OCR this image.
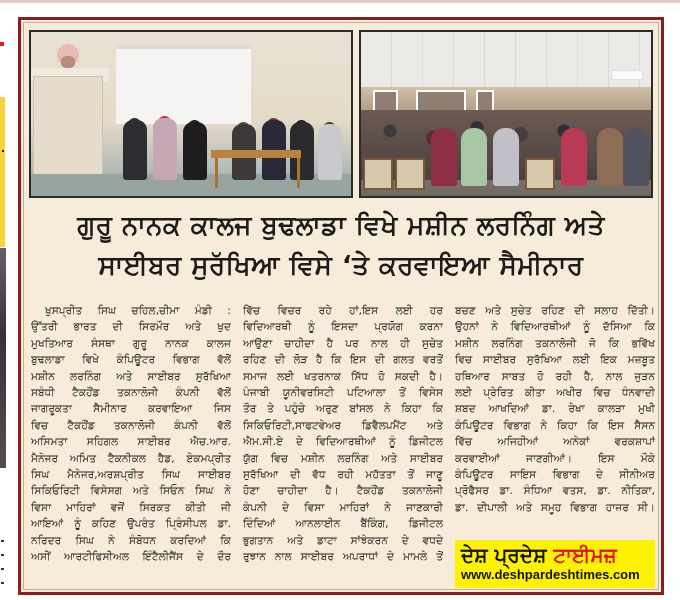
ਗੁਰੂ ਨਾਨਕ ਕਾਲਜ ਬੁਢਲਾਡਾ ਵਿਖੇ ਮਸ਼ੀਨ ਲਰਨਿੰਗ ਅਤੇ
ਸਾਈਬਰ ਸੁਰੱਖਿਆ ਵਿਸੇ ‘ਤੇ ਕਰਵਾਇਆ ਸੈਮੀਨਾਰ
ਖੁਸਪ੍ਰੀਤ ਸਿਘ ਚਹਿਲ,ਚੀਮਾ ਮੰਡੀ :
ਉੱਤਰੀ ਭਾਰਤ ਦੀ ਸਿਰਮੌਰ ਅਤੇ ਖੁਦ
ਮੁਖਤਿਆਰ ਸੰਸਥਾ ਗੁਰੂ ਨਾਨਕ ਕਾਲਜ
ਬੁਢਲਾਡਾ ਵਿਖੇ ਕੰਪਿਊਟਰ ਵਿਭਾਗ ਵੱਲੋਂ
ਮਸ਼ੀਨ ਲਰਨਿੰਗ ਅਤੇ ਸਾਈਬਰ ਸੁਰੱਖਿਆ
ਸਬੰਧੀ ਟੈਕਹੌਂਡ ਤਕਨਾਲੋਜੀ ਕੰਪਨੀ ਵੱਲੋਂ
ਜਾਗਰੂਕਤਾ ਸੈਮੀਨਾਰ ਕਰਵਾਇਆ ਜਿਸ
ਵਿਚ ਟੈਕਹੌਂਡ ਤਕਨਾਲੋਜੀ ਕੰਪਨੀ ਵੱਲੋਂ
ਅਸਿਮਤਾ ਸਹਿਗਲ ਸਾਈਬਰ ਐਚ.ਆਰ.
ਮੈਨੇਜਰ ਅਮਿਤ ਟੈਕਨੀਕਲ ਹੈਡ, ਏਕਮਪ੍ਰੀਤ
ਸਿਘ ਮੈਨੇਜਰ,ਅਰਸ਼ਪ੍ਰੀਤ ਸਿਘ ਸਾਈਬਰ
ਸਿਕਿਓਰਿਟੀ ਵਿਸੇਸਗ ਅਤੇ ਸਿਓਨ ਸਿਘ ਨੇ
ਵਿਸਾ ਮਾਹਿਰਾਂ ਵਜੋਂ ਸਿਰਕਤ ਕੀਤੀ ਜੀ
ਆਇਆਂ ਨੂੰ ਕਹਿਣ ਉਪਰੰਤ ਪ੍ਰਿੰਸੀਪਲ ਡਾ.
ਨਰਿਦਰ ਸਿਘ ਨੇ ਸੰਬੋਧਨ ਕਰਦਿਆਂ ਕਿ
ਅਸੀਂ ਆਰਟੀਫਿਸੀਅਲ ਇੰਟੈਲੀਜੈਂਸ ਦੇ ਦੌਰ
ਵਿੱਚ ਵਿਚਰ ਰਹੇ ਹਾਂ,ਇਸ ਲਈ ਹਰ
ਵਿਦਿਆਰਥੀ ਨੂੰ ਇਸਦਾ ਪ੍ਰਯੋਗ ਕਰਨਾ
ਆਉਣਾ ਚਾਹੀਦਾ ਹੈ ਪਰ ਨਾਲ ਹੀ ਸੁਚੇਤ
ਰਹਿਣ ਦੀ ਲੋੜ ਹੈ ਕਿ ਇਸ ਦੀ ਗਲਤ ਵਰਤੋਂ
ਸਮਾਜ ਲਈ ਖਤਰਨਾਕ ਸਿੱਧ ਹੋ ਸਕਦੀ ਹੈ।
ਪੰਜਾਬੀ ਯੂਨੀਵਰਸਿਟੀ ਪਟਿਆਲਾ ਤੋਂ ਵਿਸੇਸ
ਤੌਰ ਤੇ ਪਹੁੰਚੇ ਅਰੁਣ ਬਾਂਸਲ ਨੇ ਕਿਹਾ ਕਿ
ਸਿਕਿਓਰਿਟੀ,ਸਾਫਟਵੇਅਰ ਡਿਵੈਲਪਮੈਂਟ ਅਤੇ
ਐਮ.ਸੀ.ਏ ਦੇ ਵਿਦਿਆਰਥੀਆਂ ਨੂੰ ਡਿਜੀਟਲ
ਯੁੱਗ ਵਿਚ ਮਸ਼ੀਨ ਲਰਨਿੰਗ ਅਤੇ ਸਾਈਬਰ
ਸੁਰੱਖਿਆ ਦੀ ਵੱਧ ਰਹੀ ਮਹੱਤਤਾ ਤੋਂ ਜਾਣੂ
ਹੋਣਾ ਚਾਹੀਦਾ ਹੈ। ਟੈਕਹੌਂਡ ਤਕਨਾਲੋਜੀ
ਕੰਪਨੀ ਦੇ ਵਿਸਾ ਮਾਹਿਰਾਂ ਨੇ ਜਾਣਕਾਰੀ
ਦਿੰਦਿਆਂ ਆਨਲਾਈਨ ਬੈਂਕਿੰਗ, ਡਿਜੀਟਲ
ਭੁਗਤਾਨ ਅਤੇ ਡਾਟਾ ਸਾਂਝੇਕਰਨ ਦੇ ਵਧਦੇ
ਰੁਝਾਨ ਨਾਲ ਸਾਈਬਰ ਅਪਰਾਧਾਂ ਦੇ ਮਾਮਲੇ ਤੋਂ
ਬਚਣ ਅਤੇ ਸੁਚੇਤ ਰਹਿਣ ਦੀ ਸਲਾਹ ਦਿੱਤੀ।
ਉਹਨਾਂ ਨੇ ਵਿਦਿਆਰਥੀਆਂ ਨੂੰ ਦੱਸਿਆ ਕਿ
ਮਸ਼ੀਨ ਲਰਨਿੰਗ ਤਕਨਾਲੋਜੀ ਜੋ ਕਿ ਭਵਿੱਖ
ਵਿਚ ਸਾਈਬਰ ਸੁਰੱਖਿਆ ਲਈ ਇਕ ਮਜ਼ਬੂਤ
ਹਥਿਆਰ ਸਾਬਤ ਹੋ ਰਹੀ ਹੈ, ਨਾਲ ਜੁੜਨ
ਲਈ ਪ੍ਰੇਰਿਤ ਕੀਤਾ ਅਖੀਰ ਵਿਚ ਧੰਨਵਾਦੀ
ਸ਼ਬਦ ਆਖਦਿਆਂ ਡਾ. ਰੇਖਾ ਕਾਲੜਾ ਮੁਖੀ
ਕੰਪਿਊਟਰ ਵਿਭਾਗ ਨੇ ਕਿਹਾ ਕਿ ਇਸ ਸੈਸਨ
ਵਿੱਚ ਅਜਿਹੀਆਂ ਅਨੇਕਾਂ ਵਰਕਸ਼ਾਪਾਂ
ਕਰਵਾਈਆਂ ਜਾਣਗੀਆਂ। ਇਸ ਮੌਕੇ
ਕੰਪਿਊਟਰ ਸਾਇਸ ਵਿਭਾਗ ਦੇ ਸੀਨੀਅਰ
ਪ੍ਰੋਫੈਸਰ ਡਾ. ਸੰਧਿਆ ਵਤਸ, ਡਾ. ਨੀਤਿਕਾ,
ਡਾ. ਦੀਪਾਲੀ ਅਤੇ ਸਮੂਹ ਵਿਭਾਗ ਹਾਜਰ ਸੀ।
ਦੇਸ਼ ਪ੍ਰਦੇਸ਼ ਟਾਈਮਜ਼
www.deshpardeshtimes.com
